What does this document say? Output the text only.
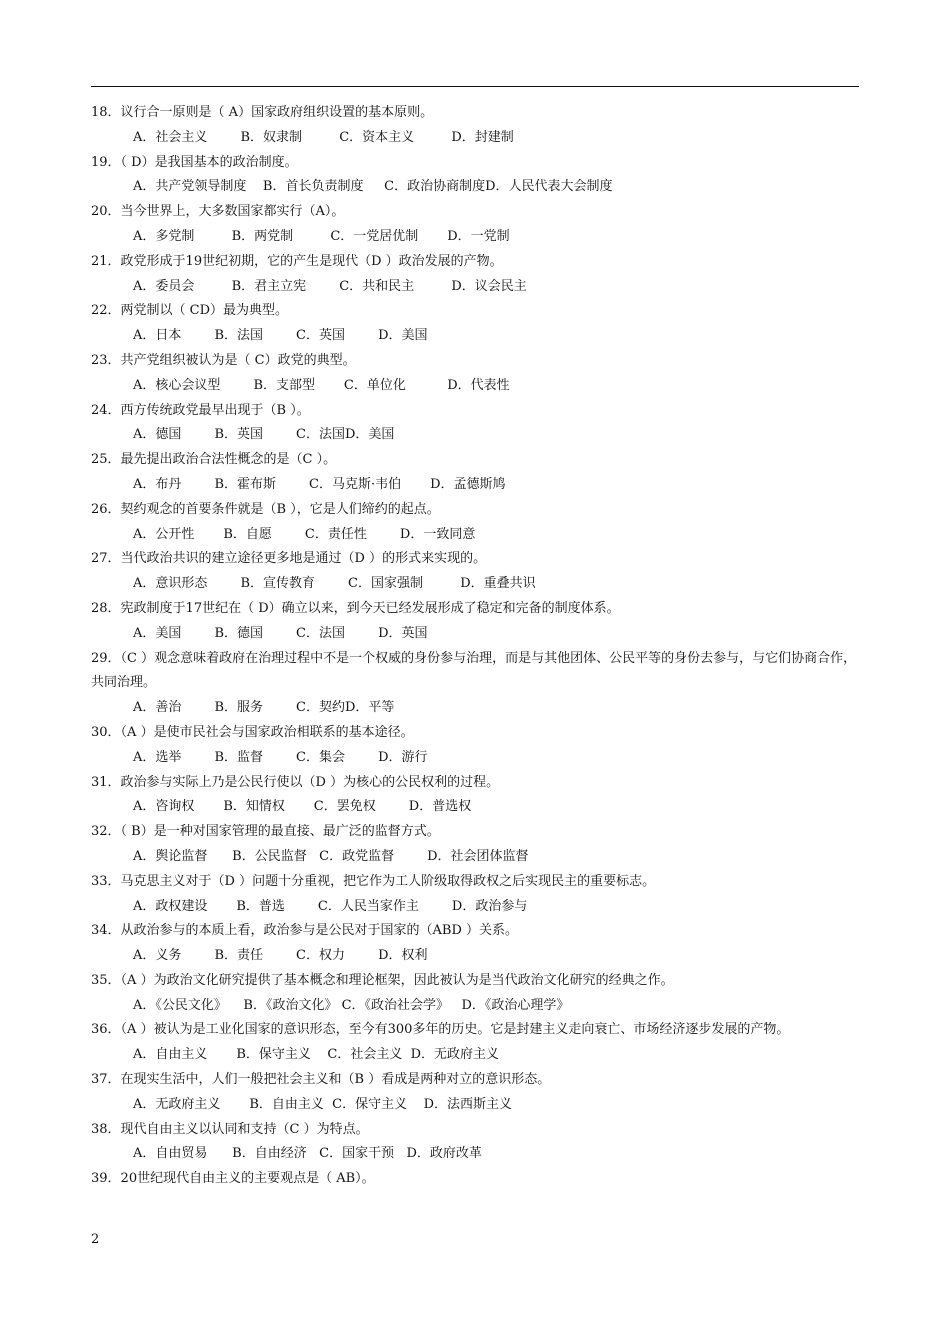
18．议行合一原则是（ A）国家政府组织设置的基本原则。
A．社会主义        B．奴隶制         C．资本主义         D．封建制
19．（ D）是我国基本的政治制度。
A．共产党领导制度    B．首长负责制度     C．政治协商制度D．人民代表大会制度
20．当今世界上，大多数国家都实行（A）。
A．多党制         B．两党制         C．一党居优制       D．一党制
21．政党形成于19世纪初期，它的产生是现代（D ）政治发展的产物。
A．委员会         B．君主立宪        C．共和民主         D．议会民主
22．两党制以（ CD）最为典型。
A．日本        B．法国        C．英国        D．美国
23．共产党组织被认为是（ C）政党的典型。
A．核心会议型        B．支部型       C．单位化          D．代表性
24．西方传统政党最早出现于（B ）。
A．德国        B．英国        C．法国D．美国
25．最先提出政治合法性概念的是（C ）。
A．布丹        B．霍布斯        C．马克斯·韦伯       D．孟德斯鸠
26．契约观念的首要条件就是（B ），它是人们缔约的起点。
A．公开性       B．自愿        C．责任性        D．一致同意
27．当代政治共识的建立途径更多地是通过（D ）的形式来实现的。
A．意识形态        B．宣传教育        C．国家强制         D．重叠共识
28．宪政制度于17世纪在（ D）确立以来，到今天已经发展形成了稳定和完备的制度体系。
A．美国        B．德国        C．法国        D．英国
29．（C ）观念意味着政府在治理过程中不是一个权威的身份参与治理，而是与其他团体、公民平等的身份去参与，与它们协商合作，共同治理。
A．善治        B．服务        C．契约D．平等
30．（A ）是使市民社会与国家政治相联系的基本途径。
A．选举        B．监督        C．集会        D．游行
31．政治参与实际上乃是公民行使以（D ）为核心的公民权利的过程。
A．咨询权       B．知情权       C．罢免权        D．普选权
32．（ B）是一种对国家管理的最直接、最广泛的监督方式。
A．舆论监督      B．公民监督   C．政党监督        D．社会团体监督
33．马克思主义对于（D ）问题十分重视，把它作为工人阶级取得政权之后实现民主的重要标志。
A．政权建设       B．普选        C．人民当家作主        D．政治参与
34．从政治参与的本质上看，政治参与是公民对于国家的（ABD ）关系。
A．义务        B．责任        C．权力        D．权利
35．（A ）为政治文化研究提供了基本概念和理论框架，因此被认为是当代政治文化研究的经典之作。
A．《公民文化》    B．《政治文化》 C．《政治社会学》   D．《政治心理学》
36．（A ）被认为是工业化国家的意识形态，至今有300多年的历史。它是封建主义走向衰亡、市场经济逐步发展的产物。
A．自由主义       B．保守主义    C．社会主义  D．无政府主义
37．在现实生活中，人们一般把社会主义和（B ）看成是两种对立的意识形态。
A．无政府主义       B．自由主义  C．保守主义    D．法西斯主义
38．现代自由主义以认同和支持（C ）为特点。
A．自由贸易      B．自由经济   C．国家干预   D．政府改革
39．20世纪现代自由主义的主要观点是（ AB）。
2
